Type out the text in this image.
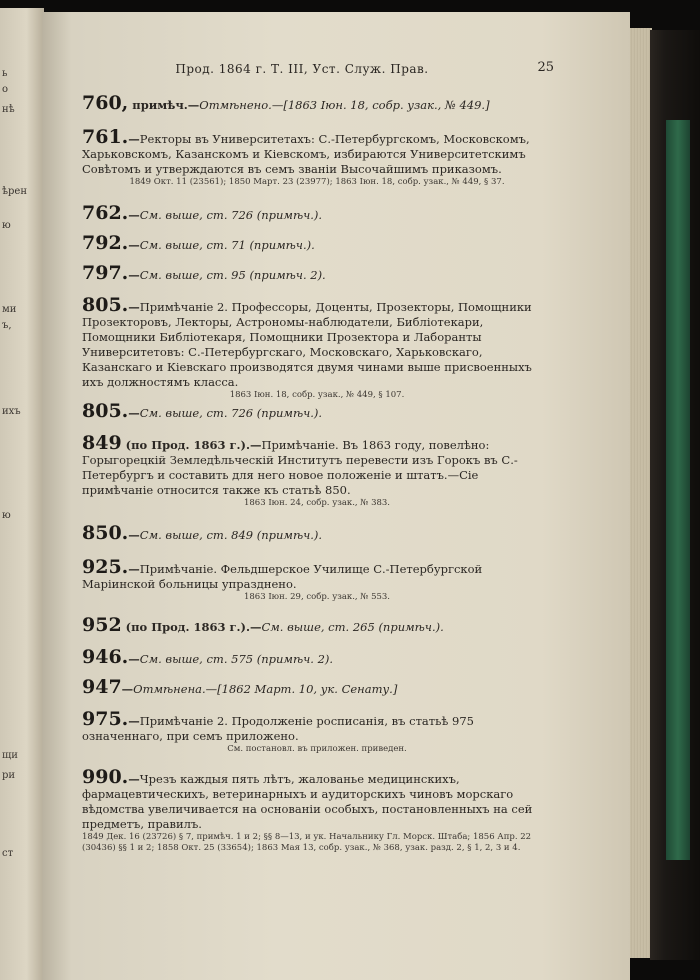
ь
о
нѣ
ѣрен
ю
ми
ъ,
ихъ
ю
щи
ри
ст
Прод. 1864 г. Т. III, Уст. Служ. Прав.	25
760, примѣч.—Отмѣнено.—[1863 Іюн. 18, собр. узак., № 449.]
761.—Ректоры въ Университетахъ: С.-Петербургскомъ, Московскомъ, Харьковскомъ, Казанскомъ и Кіевскомъ, избираются Университетскимъ Совѣтомъ и утверждаются въ семъ званіи Высочайшимъ приказомъ.
1849 Окт. 11 (23561); 1850 Март. 23 (23977); 1863 Іюн. 18, собр. узак., № 449, § 37.
762.—См. выше, ст. 726 (примѣч.).
792.—См. выше, ст. 71 (примѣч.).
797.—См. выше, ст. 95 (примѣч. 2).
805.—Примѣчаніе 2. Профессоры, Доценты, Прозекторы, Помощники Прозекторовъ, Лекторы, Астрономы-наблюдатели, Библіотекари, Помощники Библіотекаря, Помощники Прозектора и Лаборанты Университетовъ: С.-Петербургскаго, Московскаго, Харьковскаго, Казанскаго и Кіевскаго производятся двумя чинами выше присвоенныхъ ихъ должностямъ класса.
1863 Іюн. 18, собр. узак., № 449, § 107.
805.—См. выше, ст. 726 (примѣч.).
849 (по Прод. 1863 г.).—Примѣчаніе. Въ 1863 году, повелѣно: Горыгорецкій Земледѣльческій Институтъ перевести изъ Горокъ въ С.-Петербургъ и составить для него новое положеніе и штатъ.—Сіе примѣчаніе относится также къ статьѣ 850.
1863 Іюн. 24, собр. узак., № 383.
850.—См. выше, ст. 849 (примѣч.).
925.—Примѣчаніе. Фельдшерское Училище С.-Петербургской Маріинской больницы упразднено.
1863 Іюн. 29, собр. узак., № 553.
952 (по Прод. 1863 г.).—См. выше, ст. 265 (примѣч.).
946.—См. выше, ст. 575 (примѣч. 2).
947—Отмѣнена.—[1862 Март. 10, ук. Сенату.]
975.—Примѣчаніе 2. Продолженіе росписанія, въ статьѣ 975 означеннаго, при семъ приложено.
См. постановл. въ приложен. приведен.
990.—Чрезъ каждыя пять лѣтъ, жалованье медицинскихъ, фармацевтическихъ, ветеринарныхъ и аудиторскихъ чиновъ морскаго вѣдомства увеличивается на основаніи особыхъ, постановленныхъ на сей предметъ, правилъ.
1849 Дек. 16 (23726) § 7, примѣч. 1 и 2; §§ 8—13, и ук. Начальнику Гл. Морск. Штаба; 1856 Апр. 22 (30436) §§ 1 и 2; 1858 Окт. 25 (33654); 1863 Мая 13, собр. узак., № 368, узак. разд. 2, § 1, 2, 3 и 4.
